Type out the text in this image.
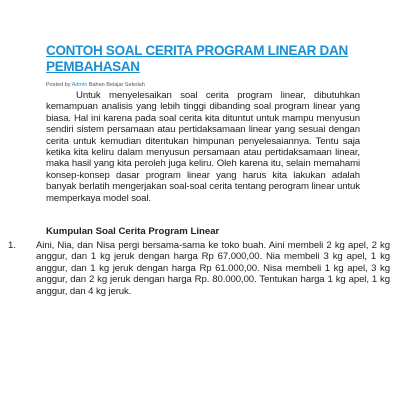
CONTOH SOAL CERITA PROGRAM LINEAR DAN PEMBAHASAN
Posted by Admin Bahan Belajar Sekolah

Untuk menyelesaikan soal cerita program linear, dibutuhkan kemampuan analisis yang lebih tinggi dibanding soal program linear yang biasa. Hal ini karena pada soal cerita kita dituntut untuk mampu menyusun sendiri sistem persamaan atau pertidaksamaan linear yang sesuai dengan cerita untuk kemudian ditentukan himpunan penyelesaiannya. Tentu saja ketika kita keliru dalam menyusun persamaan atau pertidaksamaan linear, maka hasil yang kita peroleh juga keliru. Oleh karena itu, selain memahami konsep-konsep dasar program linear yang harus kita lakukan adalah banyak berlatih mengerjakan soal-soal cerita tentang perogram linear untuk memperkaya model soal.

Kumpulan Soal Cerita Program Linear
1. Aini, Nia, dan Nisa pergi bersama-sama ke toko buah. Aini membeli 2 kg apel, 2 kg anggur, dan 1 kg jeruk dengan harga Rp 67.000,00. Nia membeli 3 kg apel, 1 kg anggur, dan 1 kg jeruk dengan harga Rp 61.000,00. Nisa membeli 1 kg apel, 3 kg anggur, dan 2 kg jeruk dengan harga Rp. 80.000,00. Tentukan harga 1 kg apel, 1 kg anggur, dan 4 kg jeruk.
